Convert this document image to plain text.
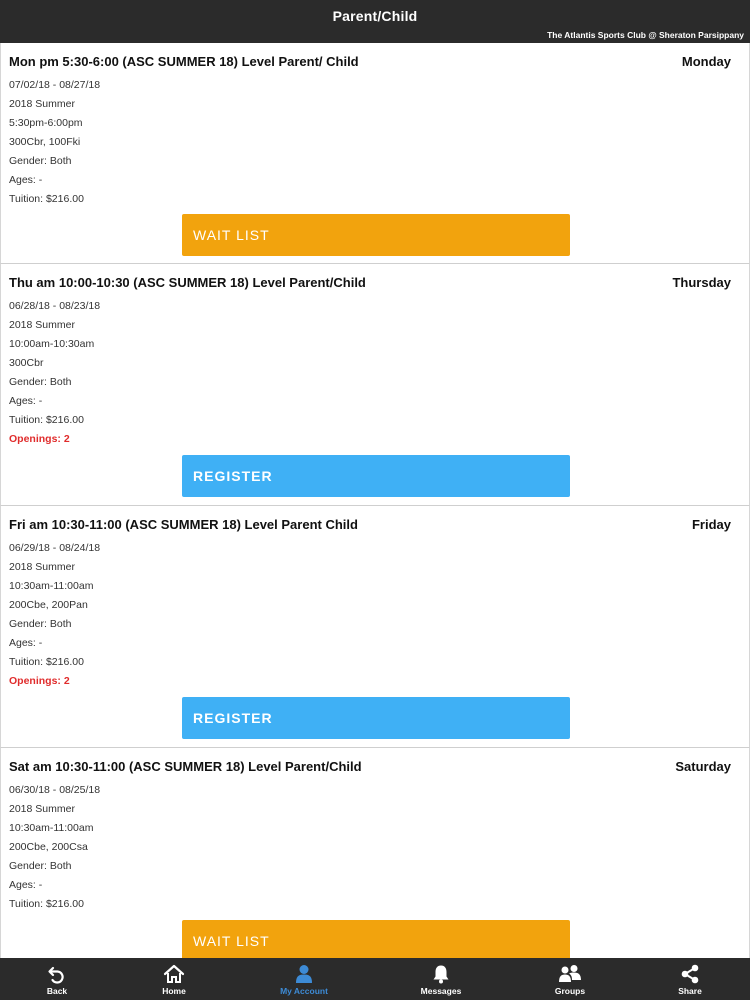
Parent/Child
The Atlantis Sports Club @ Sheraton Parsippany
Mon pm 5:30-6:00 (ASC SUMMER 18) Level Parent/ Child	Monday
07/02/18 - 08/27/18
2018 Summer
5:30pm-6:00pm
300Cbr, 100Fki
Gender: Both
Ages: -
Tuition: $216.00
WAIT LIST
Thu am 10:00-10:30 (ASC SUMMER 18) Level Parent/Child	Thursday
06/28/18 - 08/23/18
2018 Summer
10:00am-10:30am
300Cbr
Gender: Both
Ages: -
Tuition: $216.00
Openings: 2
REGISTER
Fri am 10:30-11:00 (ASC SUMMER 18) Level Parent Child	Friday
06/29/18 - 08/24/18
2018 Summer
10:30am-11:00am
200Cbe, 200Pan
Gender: Both
Ages: -
Tuition: $216.00
Openings: 2
REGISTER
Sat am 10:30-11:00 (ASC SUMMER 18) Level Parent/Child	Saturday
06/30/18 - 08/25/18
2018 Summer
10:30am-11:00am
200Cbe, 200Csa
Gender: Both
Ages: -
Tuition: $216.00
WAIT LIST
Back	Home	My Account	Messages	Groups	Share
